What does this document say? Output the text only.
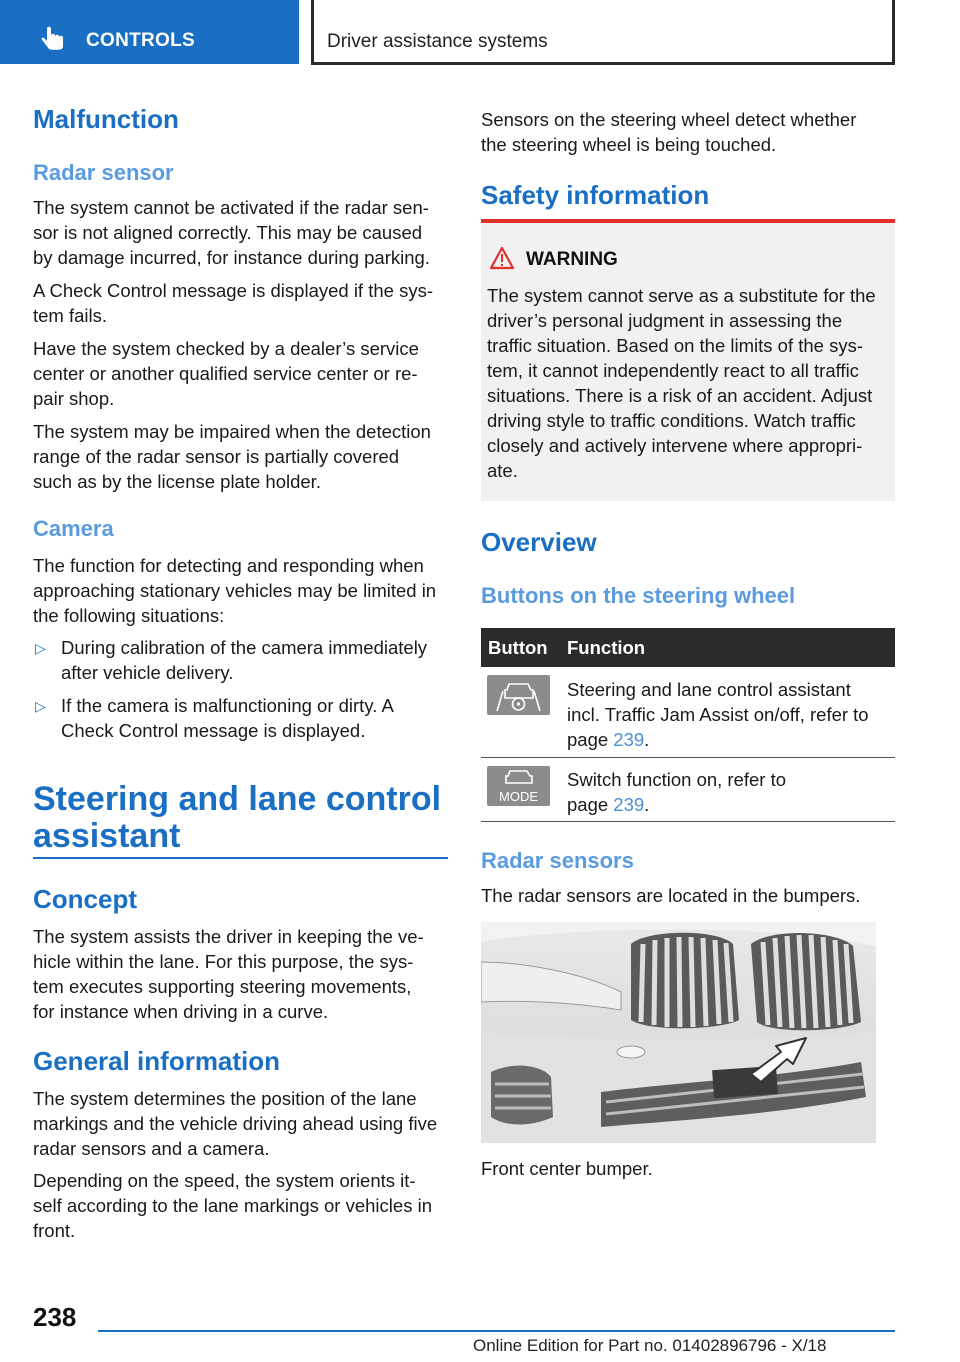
CONTROLS	Driver assistance systems
Malfunction
Radar sensor
The system cannot be activated if the radar sen‐
sor is not aligned correctly. This may be caused
by damage incurred, for instance during parking.
A Check Control message is displayed if the sys‐
tem fails.
Have the system checked by a dealer’s service
center or another qualified service center or re‐
pair shop.
The system may be impaired when the detection
range of the radar sensor is partially covered
such as by the license plate holder.
Camera
The function for detecting and responding when
approaching stationary vehicles may be limited in
the following situations:
▷ During calibration of the camera immediately
after vehicle delivery.
▷ If the camera is malfunctioning or dirty. A
Check Control message is displayed.
Steering and lane control
assistant
Concept
The system assists the driver in keeping the ve‐
hicle within the lane. For this purpose, the sys‐
tem executes supporting steering movements,
for instance when driving in a curve.
General information
The system determines the position of the lane
markings and the vehicle driving ahead using five
radar sensors and a camera.
Depending on the speed, the system orients it‐
self according to the lane markings or vehicles in
front.
Sensors on the steering wheel detect whether
the steering wheel is being touched.
Safety information
WARNING
The system cannot serve as a substitute for the
driver’s personal judgment in assessing the
traffic situation. Based on the limits of the sys‐
tem, it cannot independently react to all traffic
situations. There is a risk of an accident. Adjust
driving style to traffic conditions. Watch traffic
closely and actively intervene where appropri‐
ate.
Overview
Buttons on the steering wheel
Button Function
Steering and lane control assistant
incl. Traffic Jam Assist on/off, refer to
page 239.
MODE
Switch function on, refer to
page 239.
Radar sensors
The radar sensors are located in the bumpers.
Front center bumper.
238
Online Edition for Part no. 01402896796 - X/18
